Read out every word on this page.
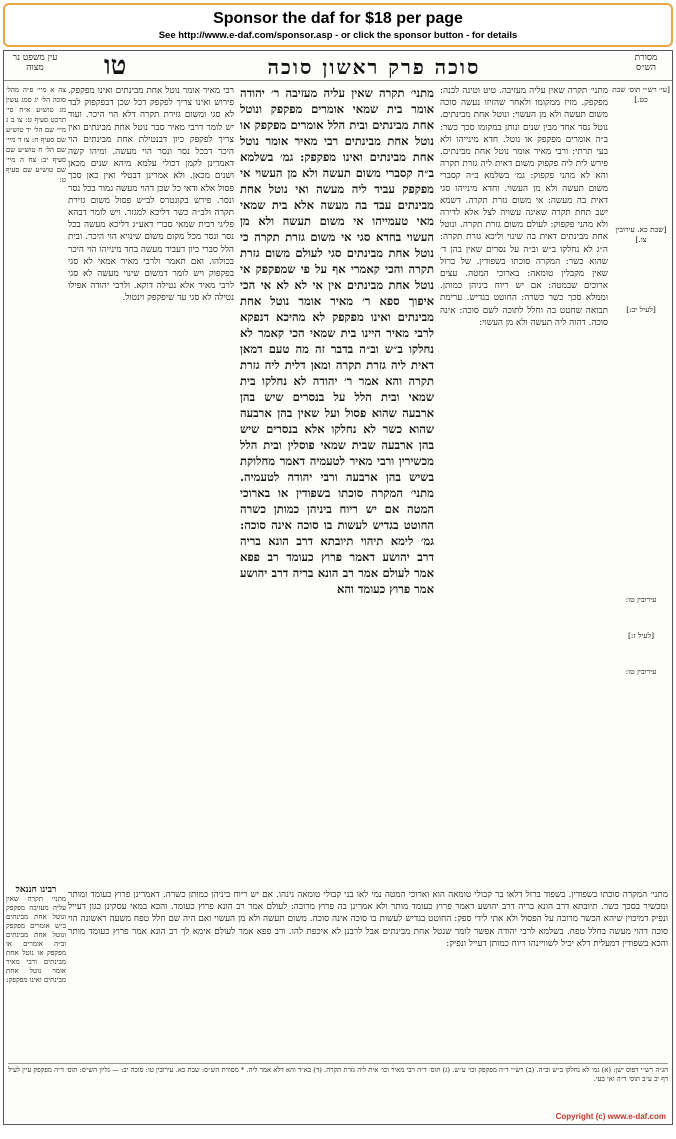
Sponsor the daf for $18 per page
See http://www.e-daf.com/sponsor.asp - or click the sponsor button - for details
עין משפט נר מצוה	טו	סוכה פרק ראשון סוכה	מסורת הש״ס

צה א מיי׳ פ״ה מהל׳ סוכה הל׳ יג סמג עשין מג טוש״ע א״ח סי׳ תרכט סעיף ט: צו ב ג מיי׳ שם הל׳ יד טוש״ע שם סעיף ח: צז ד מיי׳ שם הל׳ ח טוש״ע שם סעיף יב: צח ה מיי׳ שם טוש״ע שם סעיף ט:

רבינו חננאל

מתני׳ תקרה שאין עליה מעזיבה מפקפק ונוטל אחת מבינתים ב״ש אומרים מפקפק ונוטל אחת מבינתים וב״ה אומרים או מפקפק או נוטל אחת מבינתים ורבי מאיר אומר נוטל אחת מבינתים ואינו מפקפק:

רבי מאיר אומר נוטל אחת מבינתים ואינו מפקפק. פירוש ואינו צריך לפקפק דכל שכן דבפקפוק לבד לא סגי ומשום גזירת תקרה דלא הוי היכר. ועוד יש לומר דרבי מאיר סבר נוטל אחת מבינתים ואין צריך לפקפק כיון דבנטילת אחת מבינתים הוי היכר דבכל נסר ונסר הוי מעשה. ומיהו קשה דאמרינן לקמן דכולי עלמא מיהא שנים מכאן ושנים מכאן. ולא אמרינן דבטלי ואין כאן סכך פסול אלא ודאי כל שכן דהוי מעשה גמור בכל נסר ונסר. פירש בקונטרס לב״ש פסול משום גזירת תקרה ולב״ה כשר דליכא למגזר. ויש לומר דבהא פליגי דבית שמאי סברי דאע״ג דליכא מעשה בכל נסר ונסר מכל מקום משום שינויא הוי היכר. ובית הלל סברי כיון דעביד מעשה בחד מינייהו הוי היכר בכולהו. ואם תאמר ולרבי מאיר אמאי לא סגי בפקפוק ויש לומר דמשום שינוי מעשה לא סגי לרבי מאיר אלא נטילה דוקא. ולרבי יהודה אפילו נטילה לא סגי עד שיפקפק וינטול.

מתני׳ תקרה שאין עליה מעזיבה ר׳ יהודה אומר בית שמאי אומרים מפקפק ונוטל אחת מבינתים ובית הלל אומרים מפקפק או נוטל אחת מבינתים רבי מאיר אומר נוטל אחת מבינתים ואינו מפקפק: גמ׳ בשלמא ב״ה קסברי משום תעשה ולא מן העשוי אי מפקפק עביד ליה מעשה ואי נוטל אחת מבינתים עבד בה מעשה אלא בית שמאי מאי טעמייהו אי משום תעשה ולא מן העשוי בחדא סגי אי משום גזרת תקרה כי נוטל אחת מבינתים סגי לעולם משום גזרת תקרה והכי קאמרי אף על פי שמפקפק אי נוטל אחת מבינתים אין אי לא לא אי הכי איפוך ספא ר׳ מאיר אומר נוטל אחת מבינתים ואינו מפקפק לא מהיכא דנפקא לרבי מאיר היינו בית שמאי הכי קאמר לא נחלקו ב״ש וב״ה בדבר זה מה טעם דמאן דאית ליה גזרת תקרה ומאן דלית ליה גזרת תקרה והא אמר ר׳ יהודה לא נחלקו בית שמאי ובית הלל על בנסרים שיש בהן ארבעה שהוא פסול ועל שאין בהן ארבעה שהוא כשר לא נחלקו אלא בנסרים שיש בהן ארבעה שבית שמאי פוסלין ובית הלל מכשירין ורבי מאיר לטעמיה דאמר מחלוקת בשיש בהן ארבעה ורבי יהודה לטעמיה. מתני׳ המקרה סוכתו בשפודין או בארוכי המטה אם יש ריוח ביניהן כמותן כשרה החוטט בגדיש לעשות בו סוכה אינה סוכה: גמ׳ לימא תיהוי תיובתא דרב הונא בריה דרב יהושע דאמר פרוץ כעומד רב פפא אמר לעולם אמר רב הונא בריה דרב יהושע אמר פרוץ כעומד והא

מתני׳ תקרה שאין עליה מעזיבה. טיט וטינה לבנה: מפקפק. מזיז ממקומו ולאחר שהזיזו נעשה סוכה משום תעשה ולא מן העשוי: ונוטל אחת מבינתים. נוטל נסר אחד מבין שנים ונותן במקומו סכך כשר: ב״ה אומרים מפקפק או נוטל. חדא מינייהו ולא בעי תרתי: ורבי מאיר אומר נוטל אחת מבינתים. פירש לית ליה פקפוק משום דאית ליה גזרת תקרה והא לא מהני פקפוק: גמ׳ בשלמא ב״ה קסברי משום תעשה ולא מן העשוי. וחדא מינייהו סגי דאית בה מעשה: אי משום גזרת תקרה. דשמא ישב תחת תקרה שאינה עשויה לצל אלא לדירה ולא מהני פקפוק: לעולם משום גזרת תקרה. ונוטל אחת מבינתים דאית בה שינוי וליכא גזרת תקרה: ה״ג לא נחלקו ב״ש וב״ה על נסרים שאין בהן ד׳ שהוא כשר: המקרה סוכתו בשפודין. של ברזל שאין מקבלין טומאה: בארוכי המטה. עצים ארוכים שבמטה: אם יש ריוח ביניהן כמותן. וממלא סכך כשר כשרה: החוטט בגדיש. ערימת תבואה שחטט בה וחלל לתוכה לשם סוכה: אינה סוכה. דהוה ליה תעשה ולא מן העשוי:

[עי׳ רש״י תוס׳ שבת כט.]
[שבת כא. עירובין צו.]
[לעיל יב:]
עירובין טו:
[לעיל ז:]
עירובין טו:

מתני׳ המקרה סוכתו בשפודין. בשפוד ברזל דלאו בר קבולי טומאה הוא וארוכי המטה נמי לאו בני קבולי טומאה נינהו. אם יש ריוח ביניהן כמותן כשרה. דאמרינן פרוץ כעומד ומותר ומכשיר בסכך כשר. תיובתא דרב הונא בריה דרב יהושע דאמר פרוץ כעומד מותר ולא אמרינן בה פרוץ מרובה: לעולם אמר רב הונא פרוץ כעומד. והכא במאי עסקינן כגון דעייל ונפיק דמיכוין שיהא הכשר מרובה על הפסול ולא אתי לידי ספק: החוטט בגדיש לעשות בו סוכה אינה סוכה. משום תעשה ולא מן העשוי ואם היה שם חלל טפח משעה ראשונה הוי סוכה דהוי מעשה בחלל טפח. בשלמא לרבי יהודה אפשר לומר שנטל אחת מבינתים אבל לרבנן לא איכפת להו. ורב פפא אמר לעולם אימא לך רב הונא אמר פרוץ כעומד מותר והכא בשפודין דמעלית דלא יכיל לשוויינהו ריוח כמותן דעייל ונפיק:

הג״ה רש״י דפוס ישן: (א) גמ׳ לא נחלקו ב״ש וב״ה. (ב) רש״י ד״ה מפקפק וכו׳ ע״ש. (ג) תוס׳ ד״ה רבי מאיר וכו׳ אית ליה גזרת תקרה. (ד) בא״ד והא דלא אמר ליה. * מסורת הש״ס: שבת כא. עירובין טו: סוכה יב: — גליון הש״ס: תוס׳ ד״ה מפקפק עיין לעיל דף יב ע״ב תוס׳ ד״ה ואי בעי.

Copyright (c) www.e-daf.com
